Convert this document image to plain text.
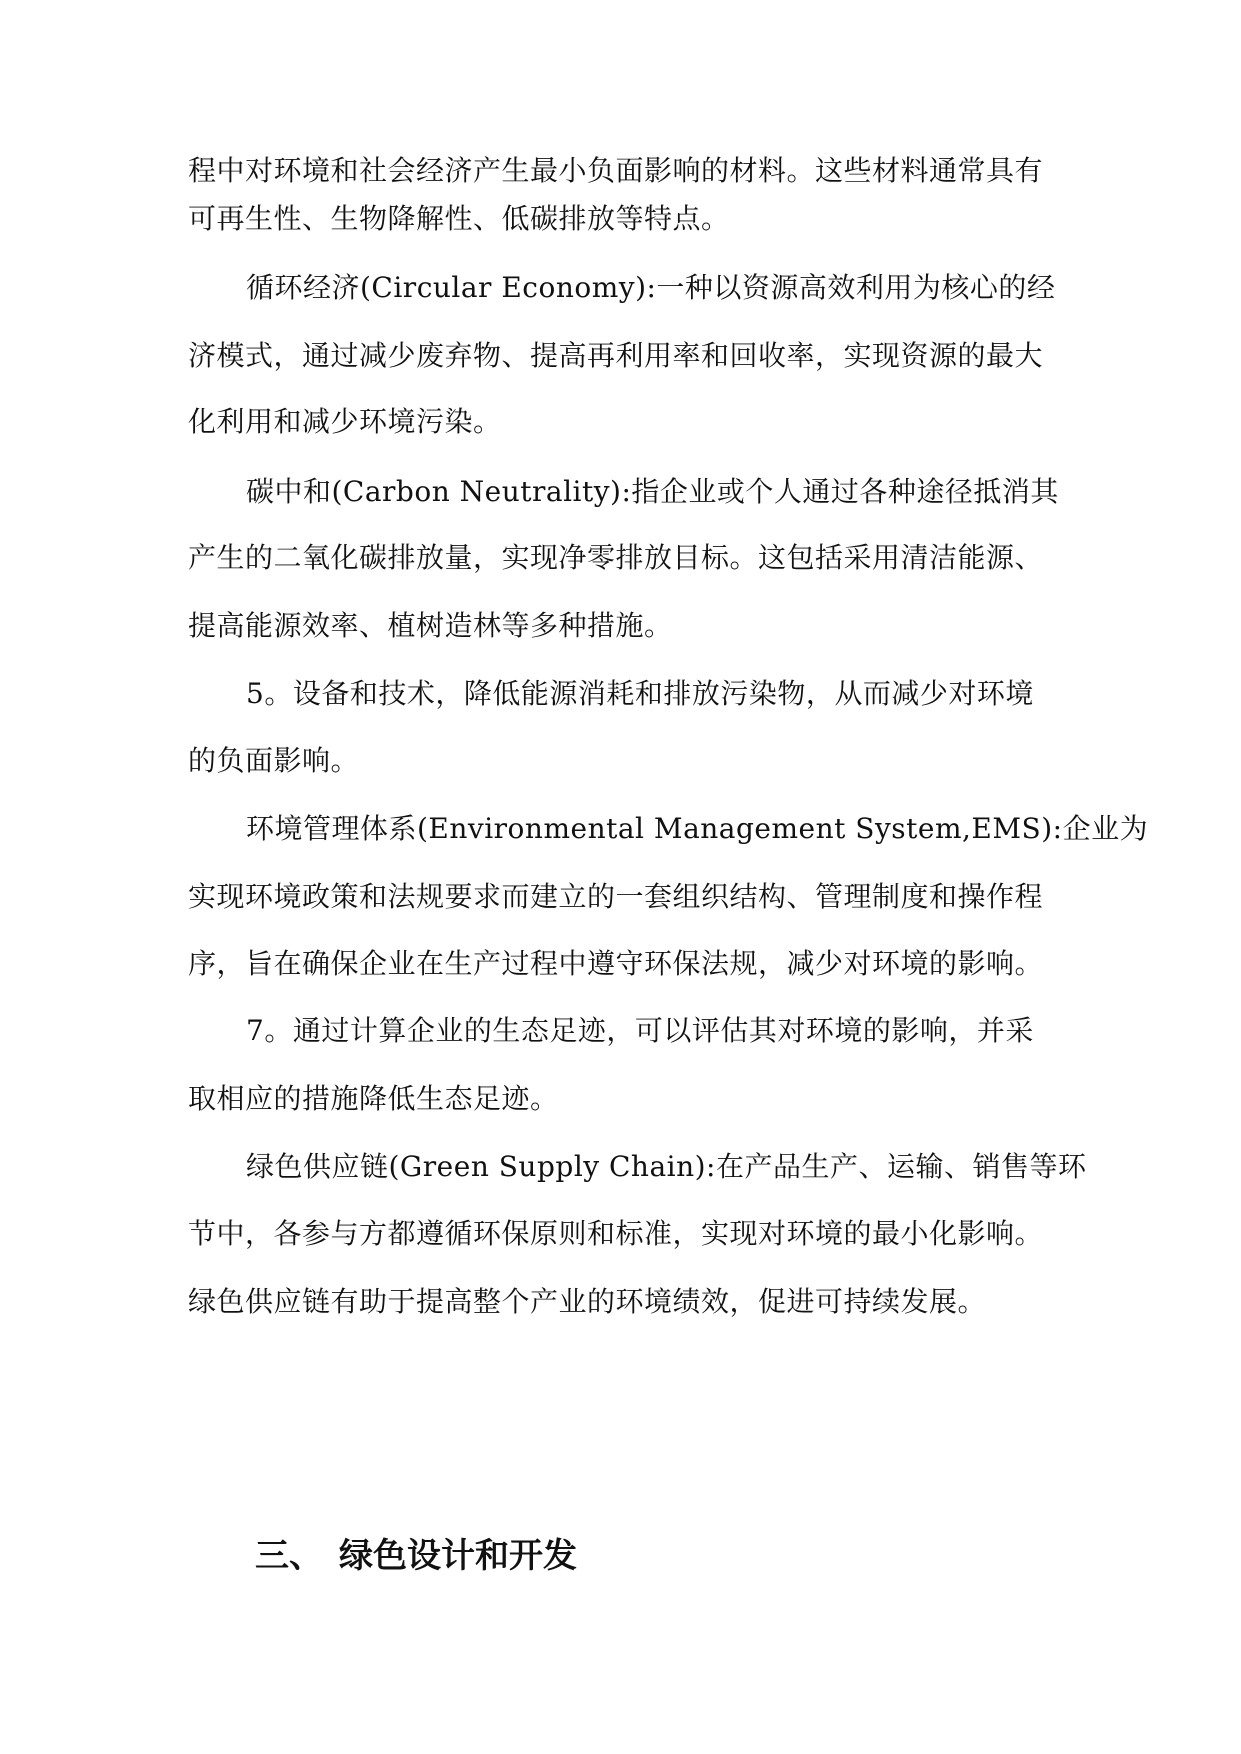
程中对环境和社会经济产生最小负面影响的材料。这些材料通常具有
可再生性、生物降解性、低碳排放等特点。
循环经济(Circular Economy):一种以资源高效利用为核心的经
济模式，通过减少废弃物、提高再利用率和回收率，实现资源的最大
化利用和减少环境污染。
碳中和(Carbon Neutrality):指企业或个人通过各种途径抵消其
产生的二氧化碳排放量，实现净零排放目标。这包括采用清洁能源、
提高能源效率、植树造林等多种措施。
5。设备和技术，降低能源消耗和排放污染物，从而减少对环境
的负面影响。
环境管理体系(Environmental Management System,EMS):企业为
实现环境政策和法规要求而建立的一套组织结构、管理制度和操作程
序，旨在确保企业在生产过程中遵守环保法规，减少对环境的影响。
7。通过计算企业的生态足迹，可以评估其对环境的影响，并采
取相应的措施降低生态足迹。
绿色供应链(Green Supply Chain):在产品生产、运输、销售等环
节中，各参与方都遵循环保原则和标准，实现对环境的最小化影响。
绿色供应链有助于提高整个产业的环境绩效，促进可持续发展。
三、 绿色设计和开发
